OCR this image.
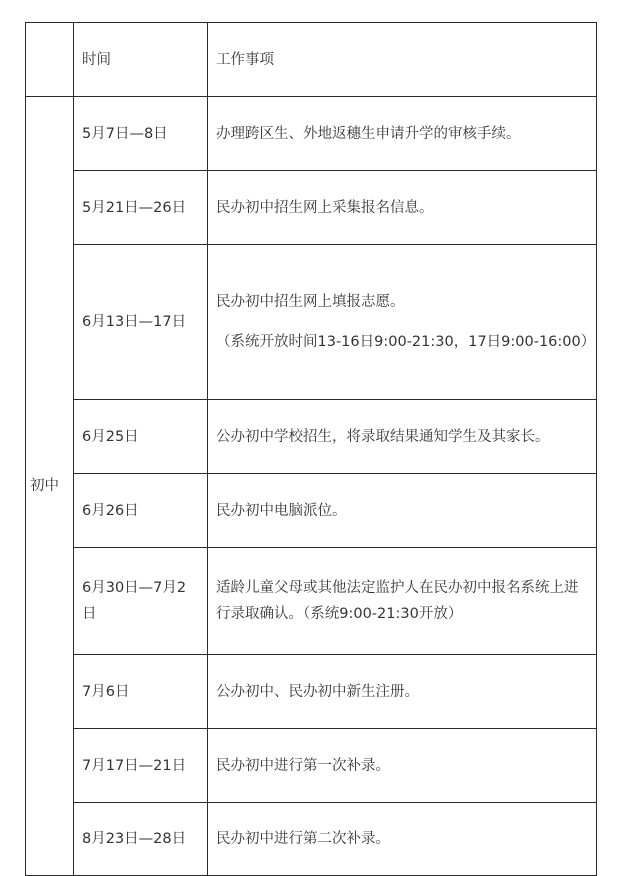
	时间	工作事项
初中	5月7日—8日	办理跨区生、外地返穗生申请升学的审核手续。
	5月21日—26日	民办初中招生网上采集报名信息。
	6月13日—17日	民办初中招生网上填报志愿。

（系统开放时间13-16日9:00-21:30，17日9:00-16:00）

	6月25日	公办初中学校招生，将录取结果通知学生及其家长。
	6月26日	民办初中电脑派位。
	6月30日—7月2日	适龄儿童父母或其他法定监护人在民办初中报名系统上进行录取确认。（系统9:00-21:30开放）
	7月6日	公办初中、民办初中新生注册。
	7月17日—21日	民办初中进行第一次补录。
	8月23日—28日	民办初中进行第二次补录。
